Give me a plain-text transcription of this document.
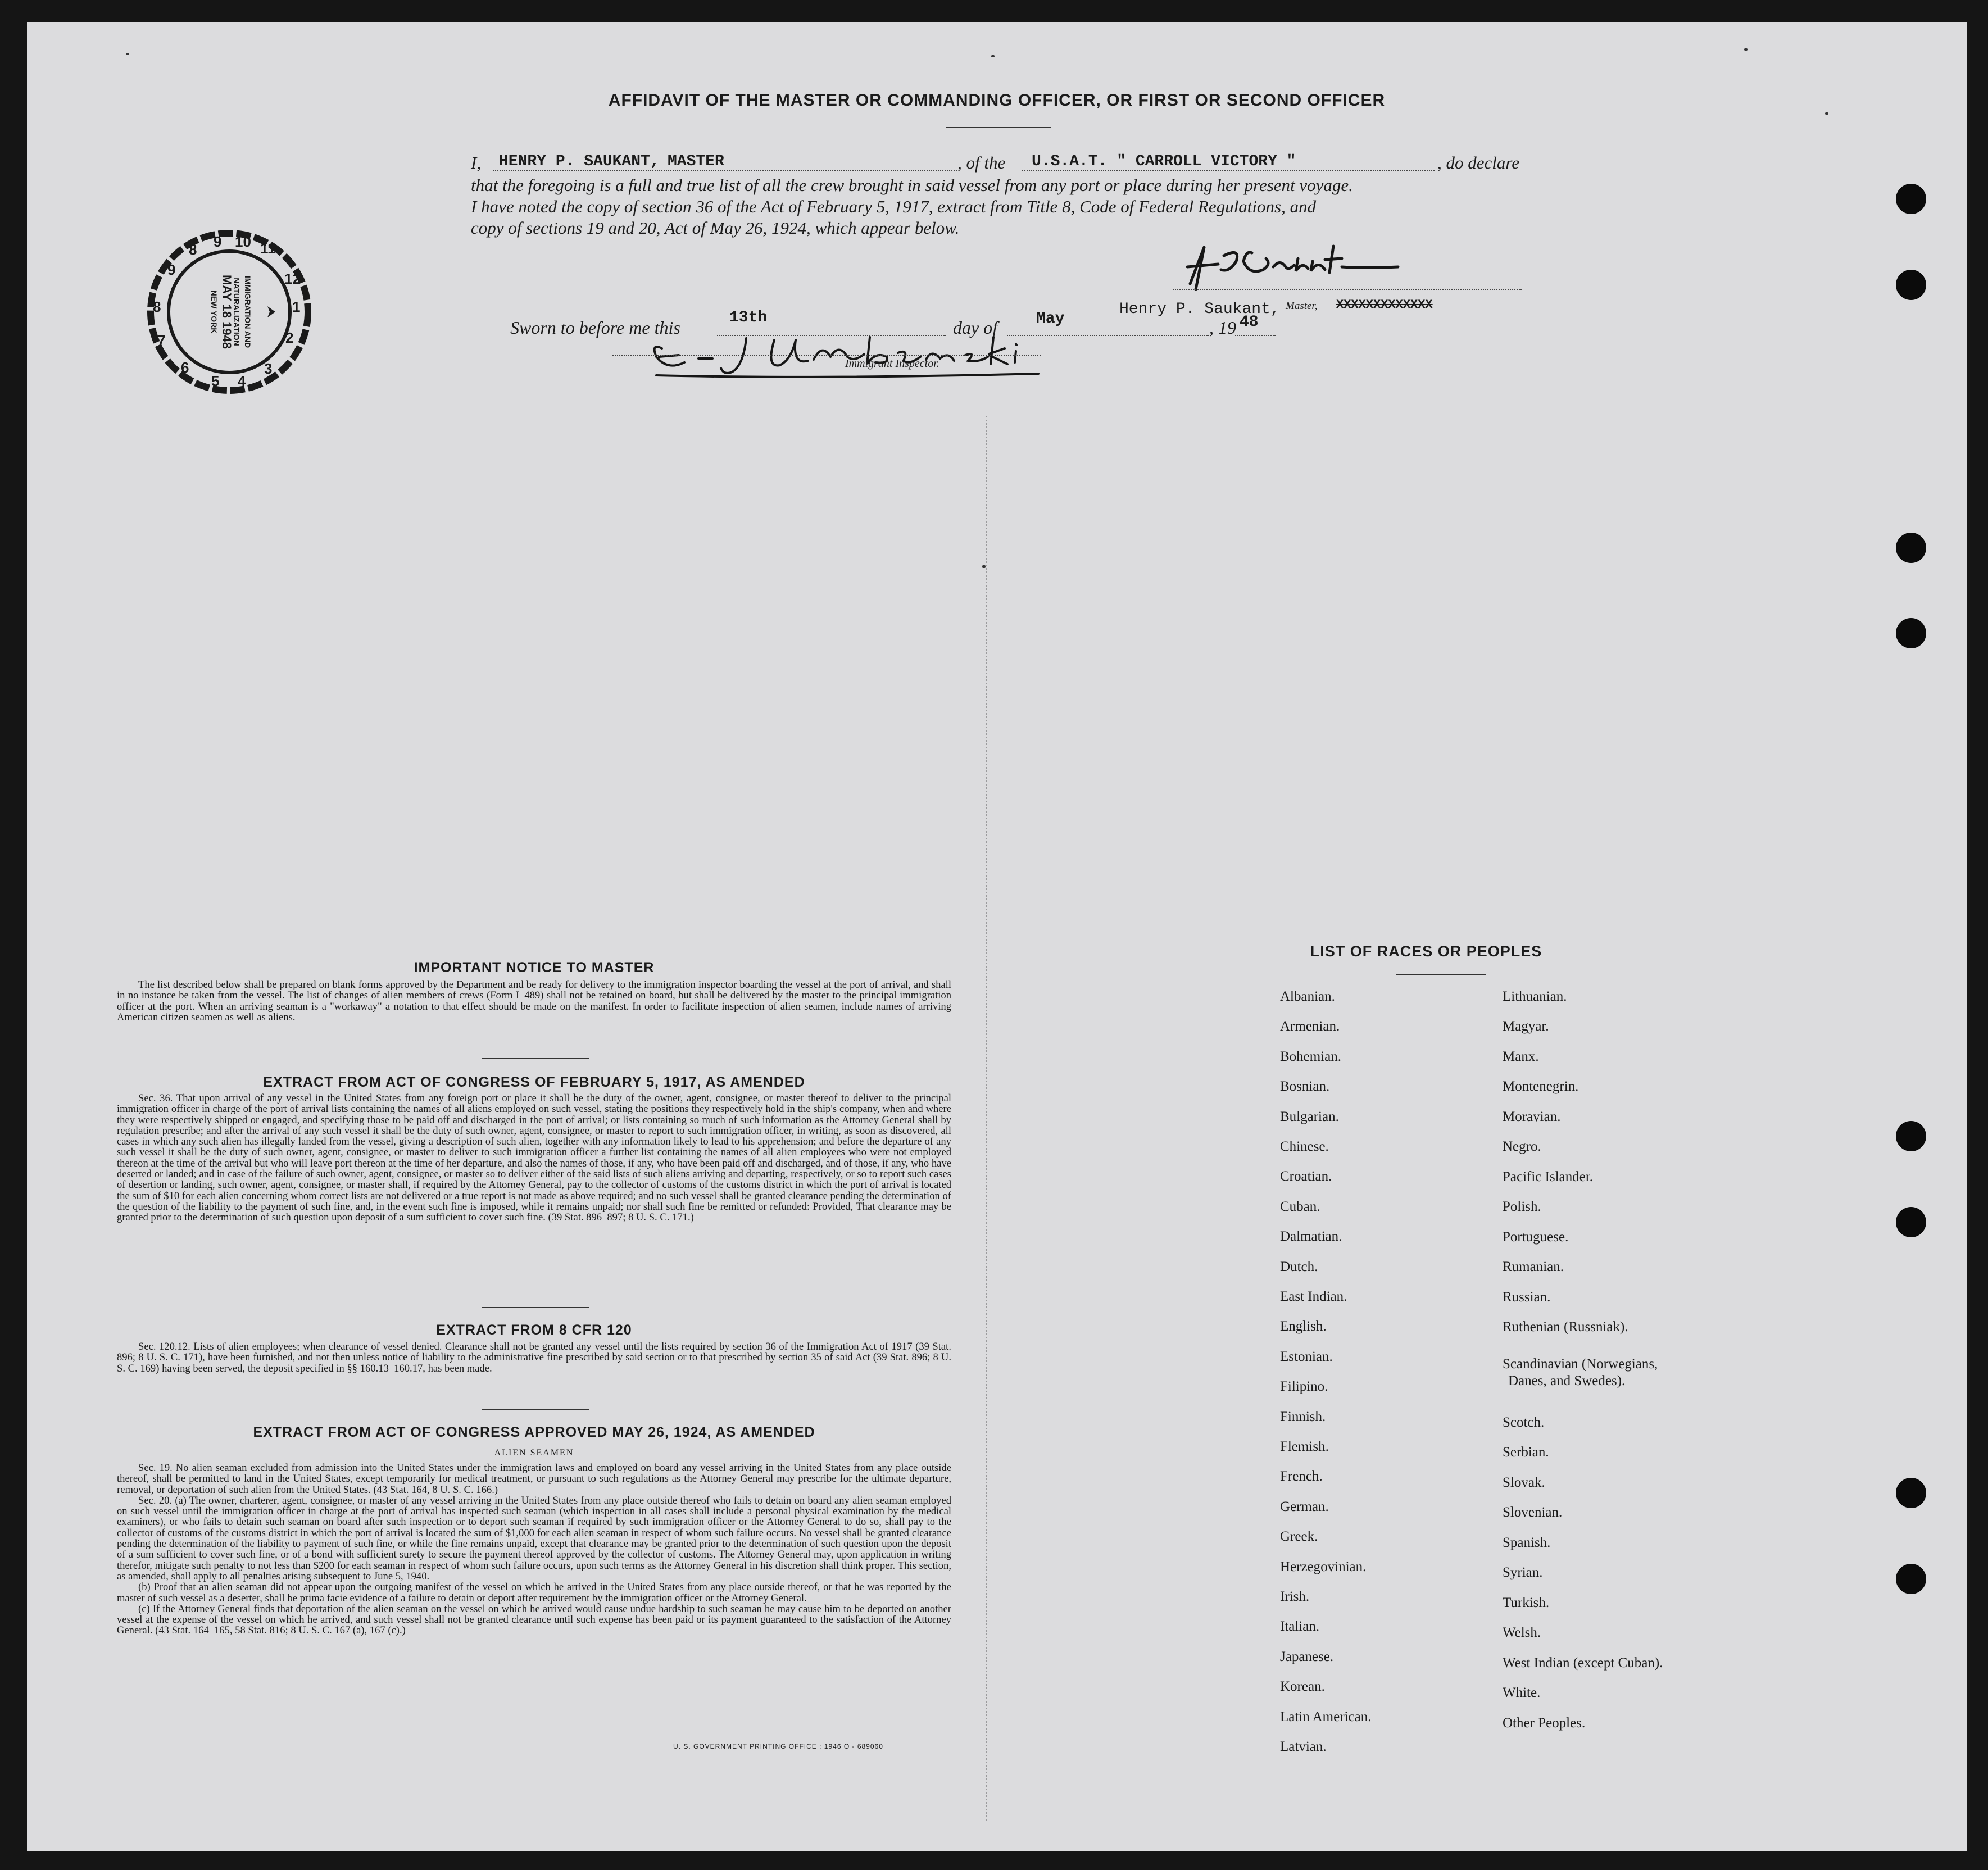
AFFIDAVIT OF THE MASTER OR COMMANDING OFFICER, OR FIRST OR SECOND OFFICER
I, HENRY P. SAUKANT, MASTER	, of the U.S.A.T. " CARROLL VICTORY "	, do declare
that the foregoing is a full and true list of all the crew brought in said vessel from any port or place during her present voyage.
I have noted the copy of section 36 of the Act of February 5, 1917, extract from Title 8, Code of Federal Regulations, and
copy of sections 19 and 20, Act of May 26, 1924, which appear below.
Sworn to before me this	13th	day of May	, 19 48
Henry P. Saukant, Master, XXXXXXXXXXXXX
Immigrant Inspector.
9 10 11
12
1
2
3
4
5
6
7
8
9
8
IMMIGRATION AND
NATURALIZATION
MAY 18 1948
NEW YORK
IMPORTANT NOTICE TO MASTER

The list described below shall be prepared on blank forms approved by the Department and be ready for delivery to the immigration inspector boarding the vessel at the port of arrival, and shall in no instance be taken from the vessel. The list of changes of alien members of crews (Form I–489) shall not be retained on board, but shall be delivered by the master to the principal immigration officer at the port. When an arriving seaman is a "workaway" a notation to that effect should be made on the manifest. In order to facilitate inspection of alien seamen, include names of arriving American citizen seamen as well as aliens.

EXTRACT FROM ACT OF CONGRESS OF FEBRUARY 5, 1917, AS AMENDED

Sec. 36. That upon arrival of any vessel in the United States from any foreign port or place it shall be the duty of the owner, agent, consignee, or master thereof to deliver to the principal immigration officer in charge of the port of arrival lists containing the names of all aliens employed on such vessel, stating the positions they respectively hold in the ship's company, when and where they were respectively shipped or engaged, and specifying those to be paid off and discharged in the port of arrival; or lists containing so much of such information as the Attorney General shall by regulation prescribe; and after the arrival of any such vessel it shall be the duty of such owner, agent, consignee, or master to report to such immigration officer, in writing, as soon as discovered, all cases in which any such alien has illegally landed from the vessel, giving a description of such alien, together with any information likely to lead to his apprehension; and before the departure of any such vessel it shall be the duty of such owner, agent, consignee, or master to deliver to such immigration officer a further list containing the names of all alien employees who were not employed thereon at the time of the arrival but who will leave port thereon at the time of her departure, and also the names of those, if any, who have been paid off and discharged, and of those, if any, who have deserted or landed; and in case of the failure of such owner, agent, consignee, or master so to deliver either of the said lists of such aliens arriving and departing, respectively, or so to report such cases of desertion or landing, such owner, agent, consignee, or master shall, if required by the Attorney General, pay to the collector of customs of the customs district in which the port of arrival is located the sum of $10 for each alien concerning whom correct lists are not delivered or a true report is not made as above required; and no such vessel shall be granted clearance pending the determination of the question of the liability to the payment of such fine, and, in the event such fine is imposed, while it remains unpaid; nor shall such fine be remitted or refunded: Provided, That clearance may be granted prior to the determination of such question upon deposit of a sum sufficient to cover such fine. (39 Stat. 896–897; 8 U. S. C. 171.)

EXTRACT FROM 8 CFR 120

Sec. 120.12. Lists of alien employees; when clearance of vessel denied. Clearance shall not be granted any vessel until the lists required by section 36 of the Immigration Act of 1917 (39 Stat. 896; 8 U. S. C. 171), have been furnished, and not then unless notice of liability to the administrative fine prescribed by said section or to that prescribed by section 35 of said Act (39 Stat. 896; 8 U. S. C. 169) having been served, the deposit specified in §§ 160.13–160.17, has been made.

EXTRACT FROM ACT OF CONGRESS APPROVED MAY 26, 1924, AS AMENDED
ALIEN SEAMEN

Sec. 19. No alien seaman excluded from admission into the United States under the immigration laws and employed on board any vessel arriving in the United States from any place outside thereof, shall be permitted to land in the United States, except temporarily for medical treatment, or pursuant to such regulations as the Attorney General may prescribe for the ultimate departure, removal, or deportation of such alien from the United States. (43 Stat. 164, 8 U. S. C. 166.)

Sec. 20. (a) The owner, charterer, agent, consignee, or master of any vessel arriving in the United States from any place outside thereof who fails to detain on board any alien seaman employed on such vessel until the immigration officer in charge at the port of arrival has inspected such seaman (which inspection in all cases shall include a personal physical examination by the medical examiners), or who fails to detain such seaman on board after such inspection or to deport such seaman if required by such immigration officer or the Attorney General to do so, shall pay to the collector of customs of the customs district in which the port of arrival is located the sum of $1,000 for each alien seaman in respect of whom such failure occurs. No vessel shall be granted clearance pending the determination of the liability to payment of such fine, or while the fine remains unpaid, except that clearance may be granted prior to the determination of such question upon the deposit of a sum sufficient to cover such fine, or of a bond with sufficient surety to secure the payment thereof approved by the collector of customs. The Attorney General may, upon application in writing therefor, mitigate such penalty to not less than $200 for each seaman in respect of whom such failure occurs, upon such terms as the Attorney General in his discretion shall think proper. This section, as amended, shall apply to all penalties arising subsequent to June 5, 1940.

(b) Proof that an alien seaman did not appear upon the outgoing manifest of the vessel on which he arrived in the United States from any place outside thereof, or that he was reported by the master of such vessel as a deserter, shall be prima facie evidence of a failure to detain or deport after requirement by the immigration officer or the Attorney General.

(c) If the Attorney General finds that deportation of the alien seaman on the vessel on which he arrived would cause undue hardship to such seaman he may cause him to be deported on another vessel at the expense of the vessel on which he arrived, and such vessel shall not be granted clearance until such expense has been paid or its payment guaranteed to the satisfaction of the Attorney General. (43 Stat. 164–165, 58 Stat. 816; 8 U. S. C. 167 (a), 167 (c).)

U. S. GOVERNMENT PRINTING OFFICE : 1946 O - 689060
LIST OF RACES OR PEOPLES
Albanian.
Armenian.
Bohemian.
Bosnian.
Bulgarian.
Chinese.
Croatian.
Cuban.
Dalmatian.
Dutch.
East Indian.
English.
Estonian.
Filipino.
Finnish.
Flemish.
French.
German.
Greek.
Herzegovinian.
Irish.
Italian.
Japanese.
Korean.
Latin American.
Latvian.
Lithuanian.
Magyar.
Manx.
Montenegrin.
Moravian.
Negro.
Pacific Islander.
Polish.
Portuguese.
Rumanian.
Russian.
Ruthenian (Russniak).
Scandinavian (Norwegians,
Danes, and Swedes).
Scotch.
Serbian.
Slovak.
Slovenian.
Spanish.
Syrian.
Turkish.
Welsh.
West Indian (except Cuban).
White.
Other Peoples.
